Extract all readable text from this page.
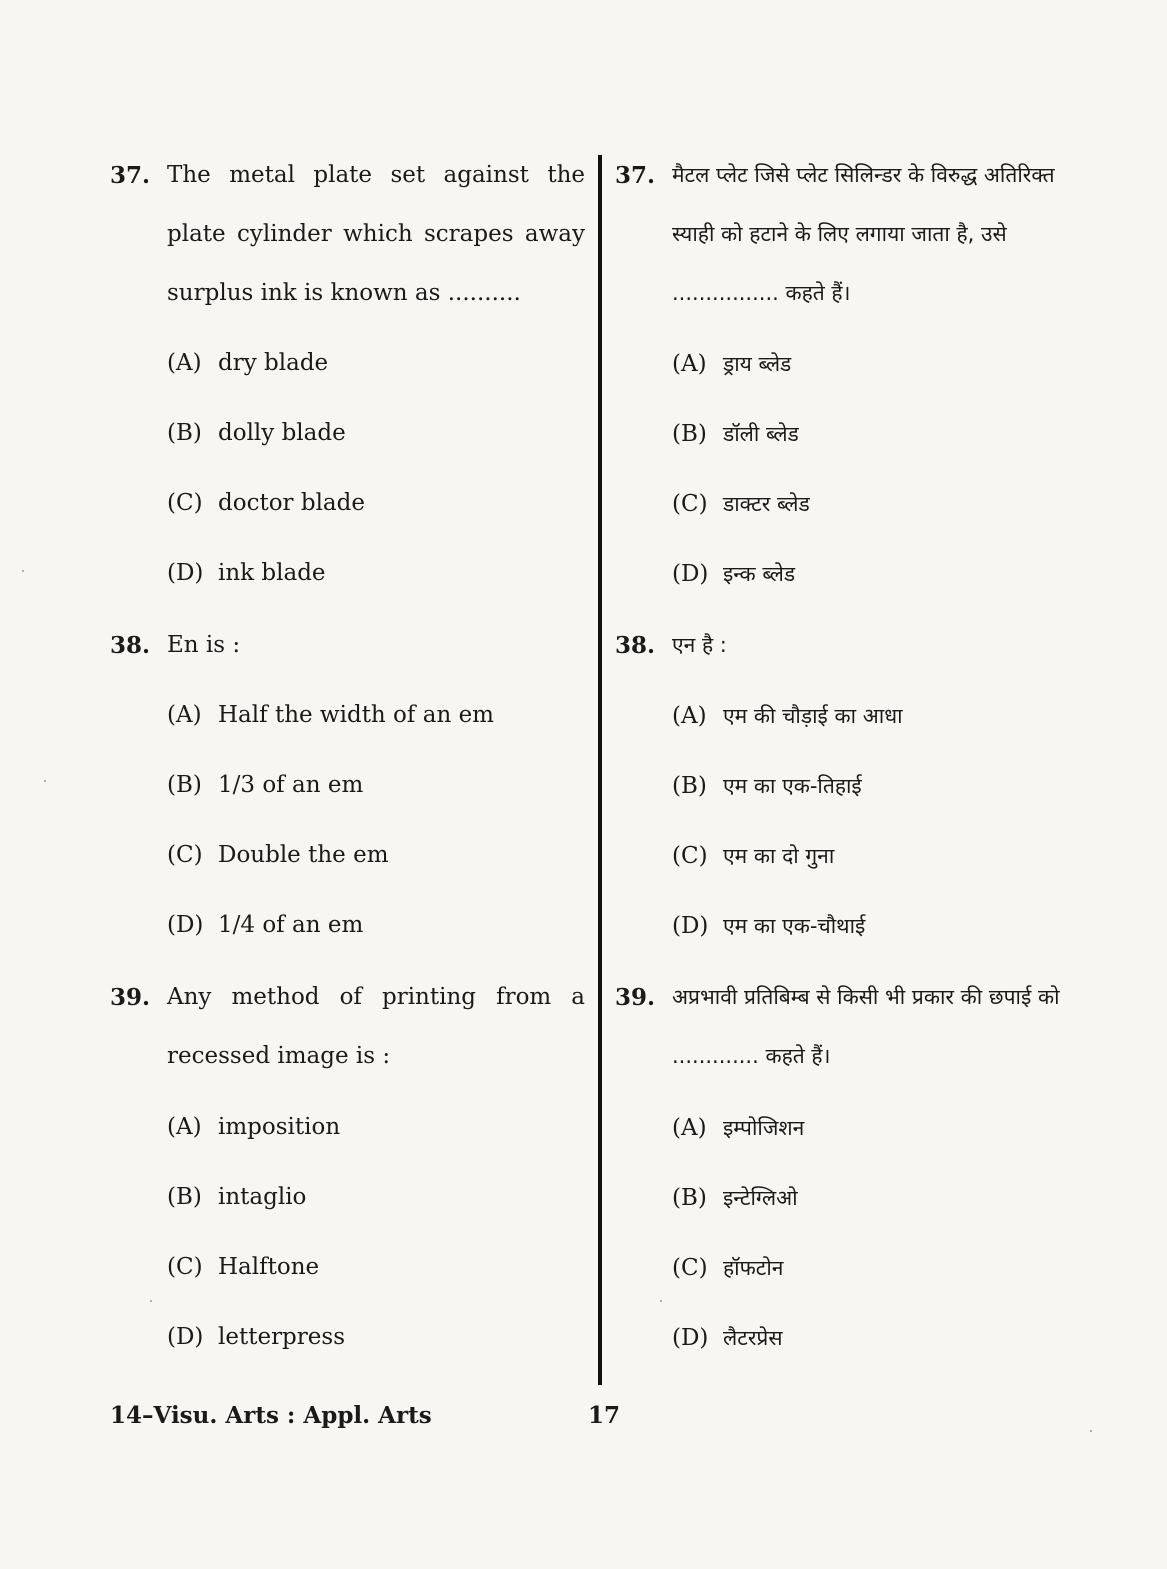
37. The metal plate set against the plate cylinder which scrapes away surplus ink is known as ..........
(A) dry blade
(B) dolly blade
(C) doctor blade
(D) ink blade
38. En is :
(A) Half the width of an em
(B) 1/3 of an em
(C) Double the em
(D) 1/4 of an em
39. Any method of printing from a recessed image is :
(A) imposition
(B) intaglio
(C) Halftone
(D) letterpress
37. मैटल प्लेट जिसे प्लेट सिलिन्डर के विरुद्ध अतिरिक्त स्याही को हटाने के लिए लगाया जाता है, उसे ................ कहते हैं।
(A) ड्राय ब्लेड
(B) डॉली ब्लेड
(C) डाक्टर ब्लेड
(D) इन्क ब्लेड
38. एन है :
(A) एम की चौड़ाई का आधा
(B) एम का एक-तिहाई
(C) एम का दो गुना
(D) एम का एक-चौथाई
39. अप्रभावी प्रतिबिम्ब से किसी भी प्रकार की छपाई को ............. कहते हैं।
(A) इम्पोजिशन
(B) इन्टेग्लिओ
(C) हॉफटोन
(D) लैटरप्रेस
14–Visu. Arts : Appl. Arts	17
